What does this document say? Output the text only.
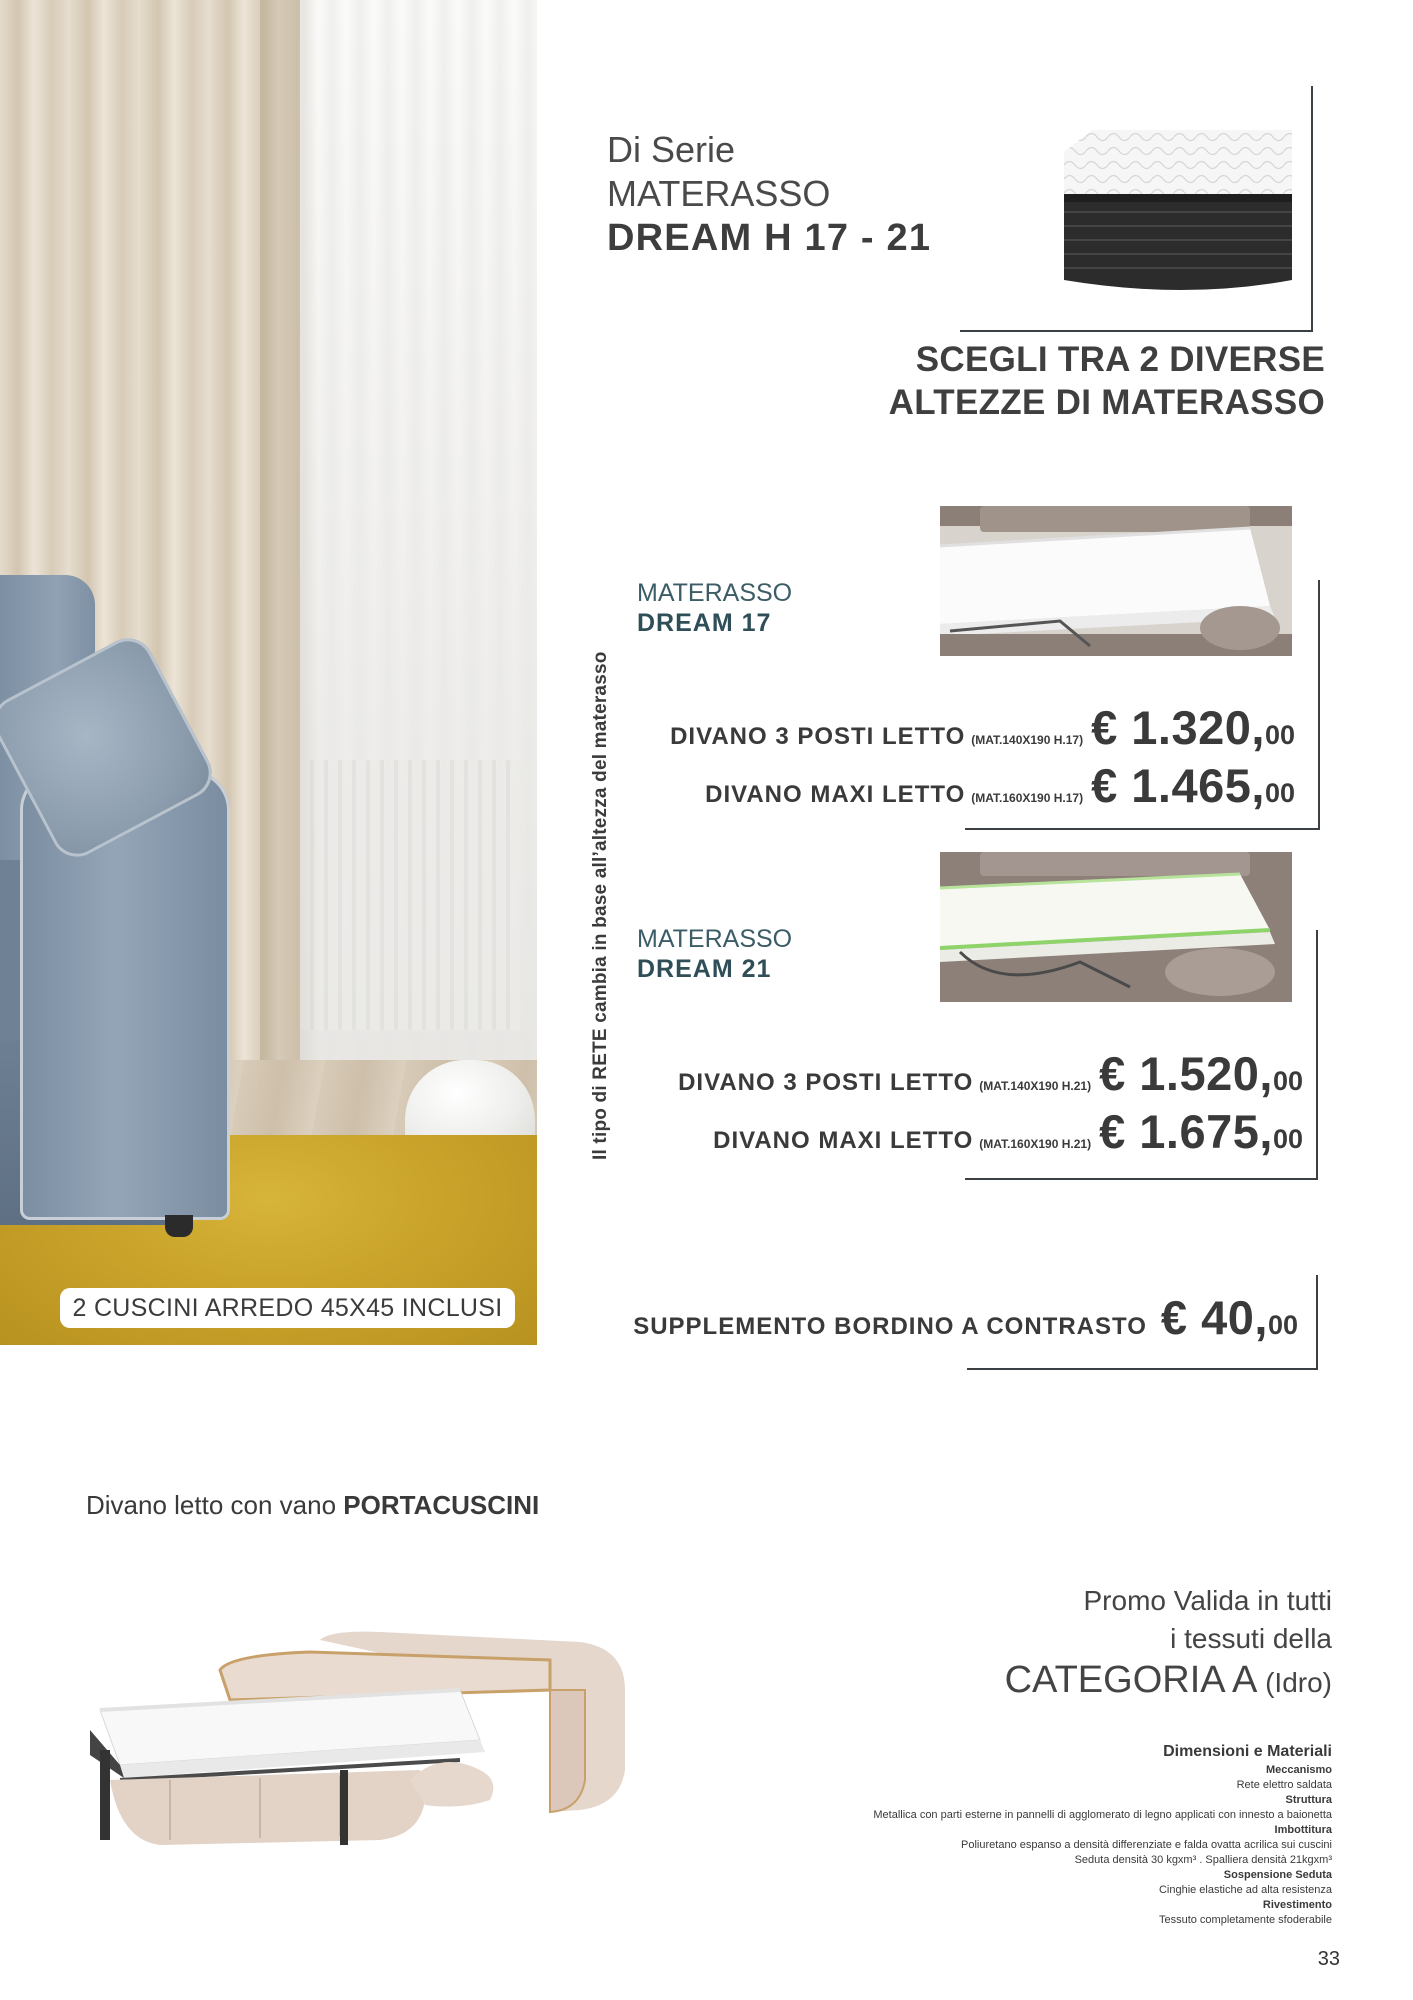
2 CUSCINI ARREDO 45X45 INCLUSI
Di Serie
MATERASSO
DREAM H 17 - 21
SCEGLI TRA 2 DIVERSE
ALTEZZE DI MATERASSO
Il tipo di RETE cambia in base all’altezza del materasso
MATERASSO
DREAM 17
DIVANO 3 POSTI LETTO (MAT.140X190 H.17) € 1.320, 00
DIVANO MAXI LETTO (MAT.160X190 H.17) € 1.465, 00
MATERASSO
DREAM 21
DIVANO 3 POSTI LETTO (MAT.140X190 H.21) € 1.520, 00
DIVANO MAXI LETTO (MAT.160X190 H.21) € 1.675, 00
SUPPLEMENTO BORDINO A CONTRASTO € 40, 00
Divano letto con vano PORTACUSCINI
Promo Valida in tutti
i tessuti della
CATEGORIA A (Idro)
Dimensioni e Materiali
Meccanismo
Rete elettro saldata
Struttura
Metallica con parti esterne in pannelli di agglomerato di legno applicati con innesto a baionetta
Imbottitura
Poliuretano espanso a densità differenziate e falda ovatta acrilica sui cuscini
Seduta densità 30 kgxm³ . Spalliera densità 21kgxm³
Sospensione Seduta
Cinghie elastiche ad alta resistenza
Rivestimento
Tessuto completamente sfoderabile
33
